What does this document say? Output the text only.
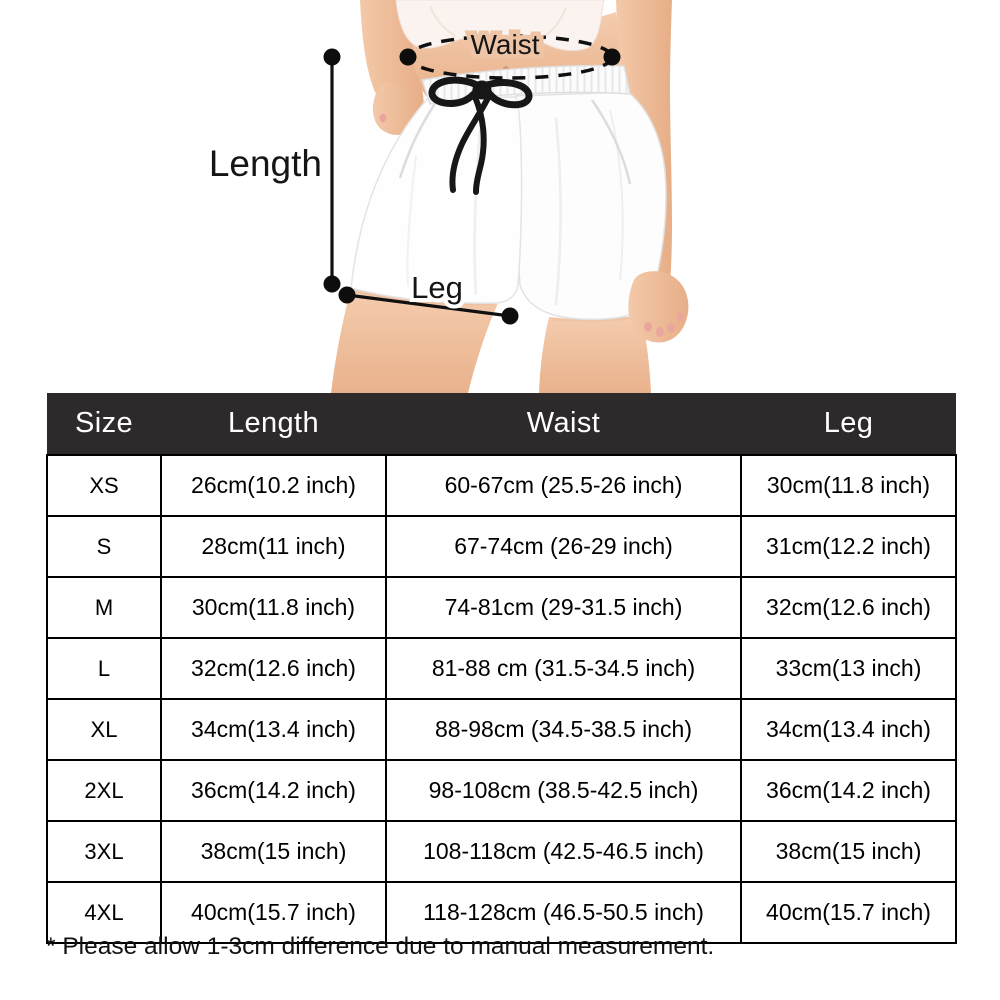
Waist
Length
Leg
Size	Length	Waist	Leg
XS	26cm(10.2 inch)	60-67cm (25.5-26 inch)	30cm(11.8 inch)
S	28cm(11 inch)	67-74cm (26-29 inch)	31cm(12.2 inch)
M	30cm(11.8 inch)	74-81cm (29-31.5 inch)	32cm(12.6 inch)
L	32cm(12.6 inch)	81-88 cm (31.5-34.5 inch)	33cm(13 inch)
XL	34cm(13.4 inch)	88-98cm (34.5-38.5 inch)	34cm(13.4 inch)
2XL	36cm(14.2 inch)	98-108cm (38.5-42.5 inch)	36cm(14.2 inch)
3XL	38cm(15 inch)	108-118cm (42.5-46.5 inch)	38cm(15 inch)
4XL	40cm(15.7 inch)	118-128cm (46.5-50.5 inch)	40cm(15.7 inch)
* Please allow 1-3cm difference due to manual measurement.
